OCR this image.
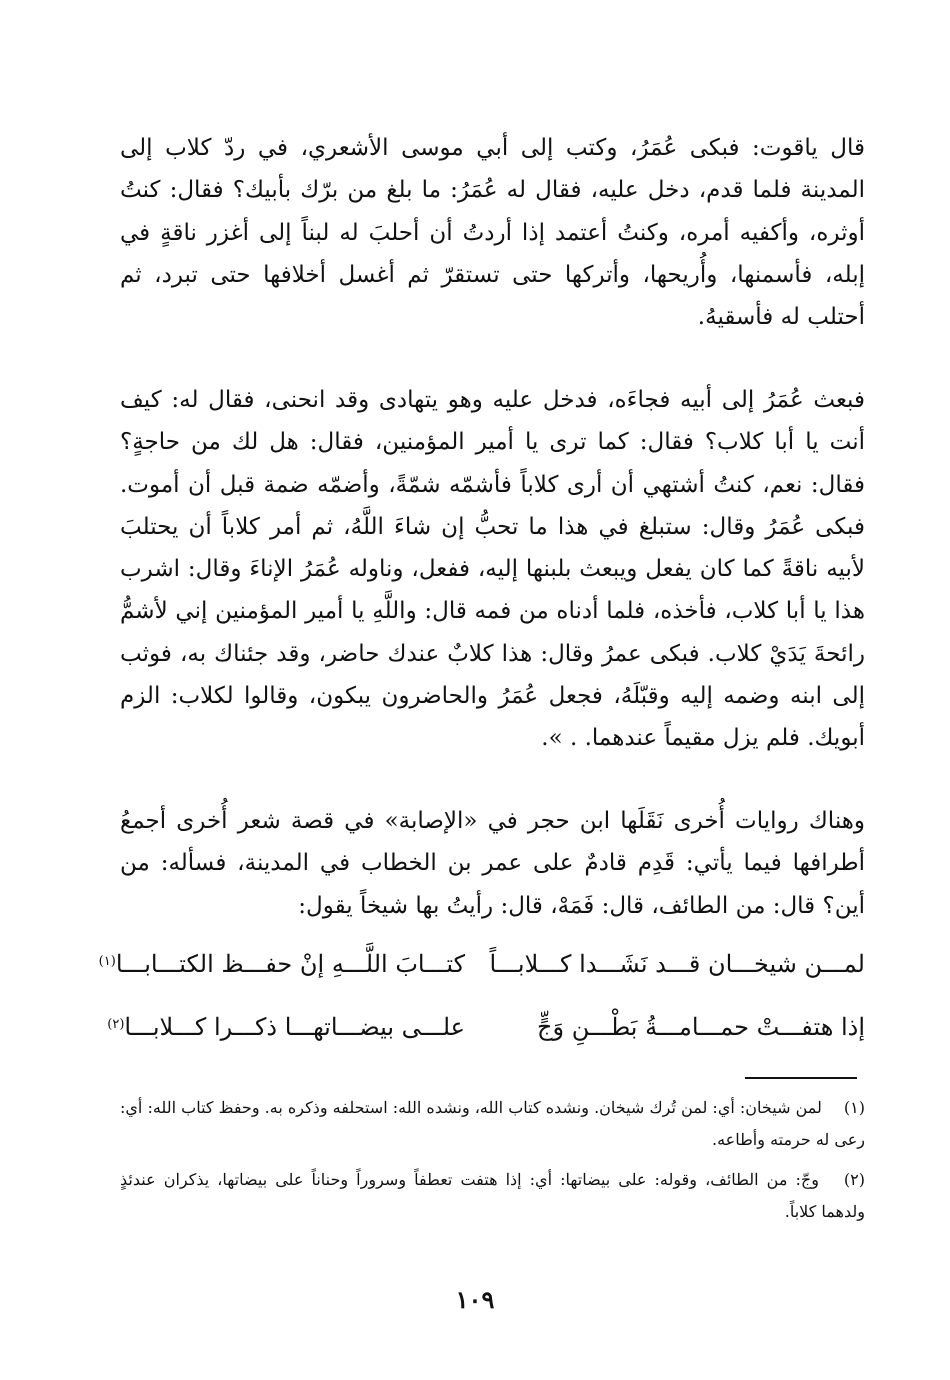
قال ياقوت: فبكى عُمَرُ، وكتب إلى أبي موسى الأشعري، في ردّ كلاب إلى المدينة فلما قدم، دخل عليه، فقال له عُمَرُ: ما بلغ من برّك بأبيك؟ فقال: كنتُ أوثره، وأكفيه أمره، وكنتُ أعتمد إذا أردتُ أن أحلبَ له لبناً إلى أغزر ناقةٍ في إبله، فأسمنها، وأُريحها، وأتركها حتى تستقرّ ثم أغسل أخلافها حتى تبرد، ثم أحتلب له فأسقيهُ.

فبعث عُمَرُ إلى أبيه فجاءَه، فدخل عليه وهو يتهادى وقد انحنى، فقال له: كيف أنت يا أبا كلاب؟ فقال: كما ترى يا أمير المؤمنين، فقال: هل لك من حاجةٍ؟ فقال: نعم، كنتُ أشتهي أن أرى كلاباً فأشمّه شمّةً، وأضمّه ضمة قبل أن أموت. فبكى عُمَرُ وقال: ستبلغ في هذا ما تحبُّ إن شاءَ اللَّهُ، ثم أمر كلاباً أن يحتلبَ لأبيه ناقةً كما كان يفعل ويبعث بلبنها إليه، ففعل، وناوله عُمَرُ الإناءَ وقال: اشرب هذا يا أبا كلاب، فأخذه، فلما أدناه من فمه قال: واللَّهِ يا أمير المؤمنين إني لأشمُّ رائحةَ يَدَيْ كلاب. فبكى عمرُ وقال: هذا كلابٌ عندك حاضر، وقد جئناك به، فوثب إلى ابنه وضمه إليه وقبّلَهُ، فجعل عُمَرُ والحاضرون يبكون، وقالوا لكلاب: الزم أبويك. فلم يزل مقيماً عندهما. . ».

وهناك روايات أُخرى نَقَلَها ابن حجر في «الإصابة» في قصة شعر أُخرى أجمعُ أطرافها فيما يأتي: قَدِم قادمٌ على عمر بن الخطاب في المدينة، فسأله: من أين؟ قال: من الطائف، قال: فَمَهْ، قال: رأيتُ بها شيخاً يقول:

لمـــن شيخـــان قـــد نَشَـــدا كـــلابـــاً
كتـــابَ اللَّـــهِ إنْ حفـــظ الكتـــابـــا$^{(١)}$
إذا هتفـــتْ حمـــامـــةُ بَطْـــنِ وَجٍّ
علـــى بيضـــاتهـــا ذكـــرا كـــلابـــا$^{(٢)}$

(١) لمن شيخان: أي: لمن تُرك شيخان. ونشده كتاب الله، ونشده الله: استحلفه وذكره به. وحفظ كتاب الله: أي: رعى له حرمته وأطاعه.

(٢) وجّ: من الطائف، وقوله: على بيضاتها: أي: إذا هتفت تعطفاً وسروراً وحناناً على بيضاتها، يذكران عندئذٍ ولدهما كلاباً.

١٠٩
